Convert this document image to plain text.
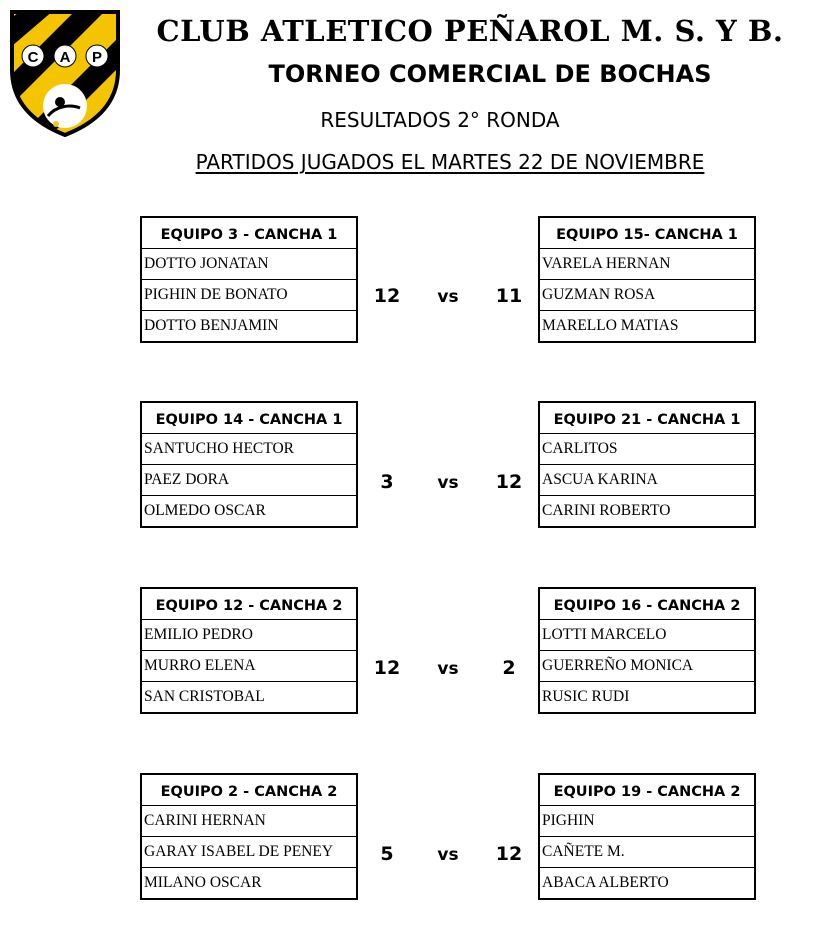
C A P
CLUB ATLETICO PEÑAROL M. S. Y B.
TORNEO COMERCIAL DE BOCHAS
RESULTADOS 2° RONDA
PARTIDOS JUGADOS EL MARTES 22 DE NOVIEMBRE
EQUIPO 3 - CANCHA 1
DOTTO JONATAN
PIGHIN DE BONATO
DOTTO BENJAMIN
12	vs	11
EQUIPO 15- CANCHA 1
VARELA HERNAN
GUZMAN ROSA
MARELLO MATIAS
EQUIPO 14 - CANCHA 1
SANTUCHO HECTOR
PAEZ DORA
OLMEDO OSCAR
3	vs	12
EQUIPO 21 - CANCHA 1
CARLITOS
ASCUA KARINA
CARINI ROBERTO
EQUIPO 12 - CANCHA 2
EMILIO PEDRO
MURRO ELENA
SAN CRISTOBAL
12	vs	2
EQUIPO 16 - CANCHA 2
LOTTI MARCELO
GUERREÑO MONICA
RUSIC RUDI
EQUIPO 2 - CANCHA 2
CARINI HERNAN
GARAY ISABEL DE PENEY
MILANO OSCAR
5	vs	12
EQUIPO 19 - CANCHA 2
PIGHIN
CAÑETE M.
ABACA ALBERTO
